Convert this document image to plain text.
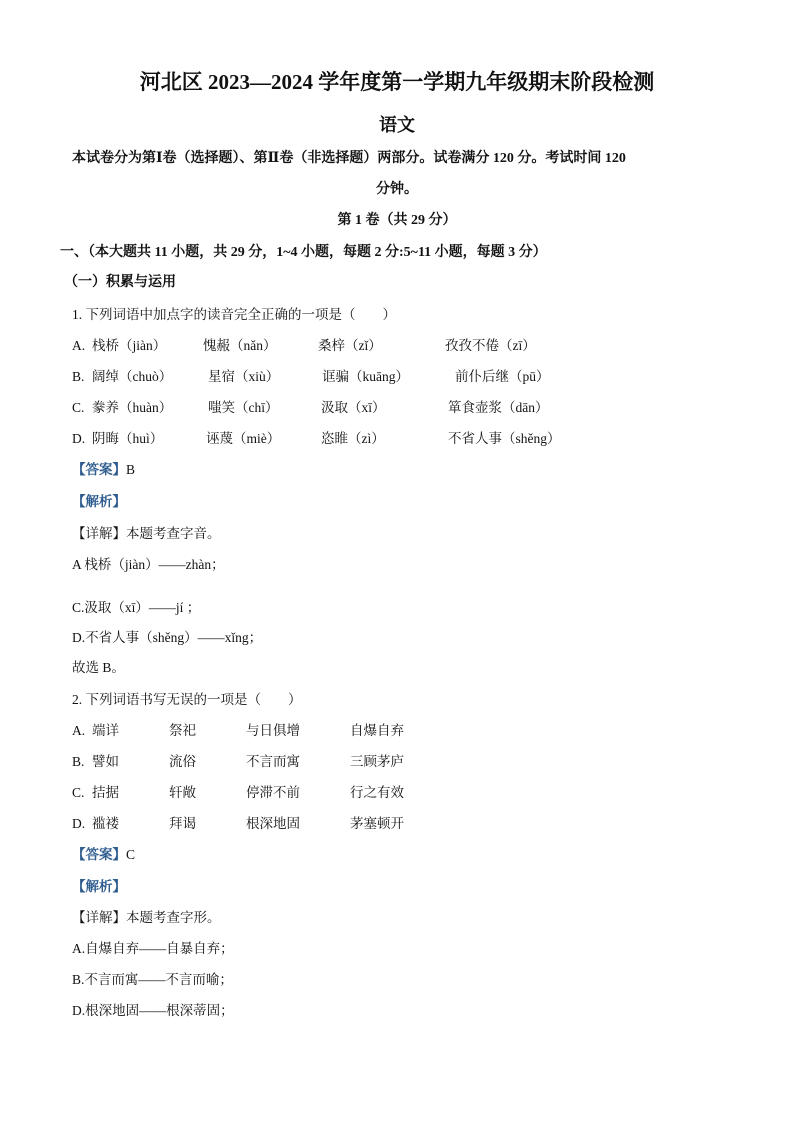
河北区 2023—2024 学年度第一学期九年级期末阶段检测
语文
本试卷分为第Ⅰ卷（选择题）、第Ⅱ卷（非选择题）两部分。试卷满分 120 分。考试时间 120
分钟。
第 1 卷（共 29 分）
一、（本大题共 11 小题，共 29 分，1~4 小题，每题 2 分:5~11 小题，每题 3 分）
（一）积累与运用
1. 下列词语中加点字的读音完全正确的一项是（　　）
A. 栈桥（jiàn）	愧赧（nǎn）	桑梓（zǐ）	孜孜不倦（zī）
B. 阔绰（chuò）	星宿（xiù）	诓骗（kuāng）	前仆后继（pū）
C. 豢养（huàn）	嗤笑（chī）	汲取（xī）	箪食壶浆（dān）
D. 阴晦（huì）	诬蔑（miè）	恣睢（zì）	不省人事（shěng）
【答案】B
【解析】
【详解】本题考查字音。
A 栈桥（jiàn）——zhàn；
C.汲取（xī）——jí ；
D.不省人事（shěng）——xǐng；
故选 B。
2. 下列词语书写无误的一项是（　　）
A. 端详	祭祀	与日俱增	自爆自弃
B. 譬如	流俗	不言而寓	三顾茅庐
C. 拮据	轩敞	停滞不前	行之有效
D. 褴褛	拜谒	根深地固	茅塞顿开
【答案】C
【解析】
【详解】本题考查字形。
A.自爆自弃——自暴自弃；
B.不言而寓——不言而喻；
D.根深地固——根深蒂固；
